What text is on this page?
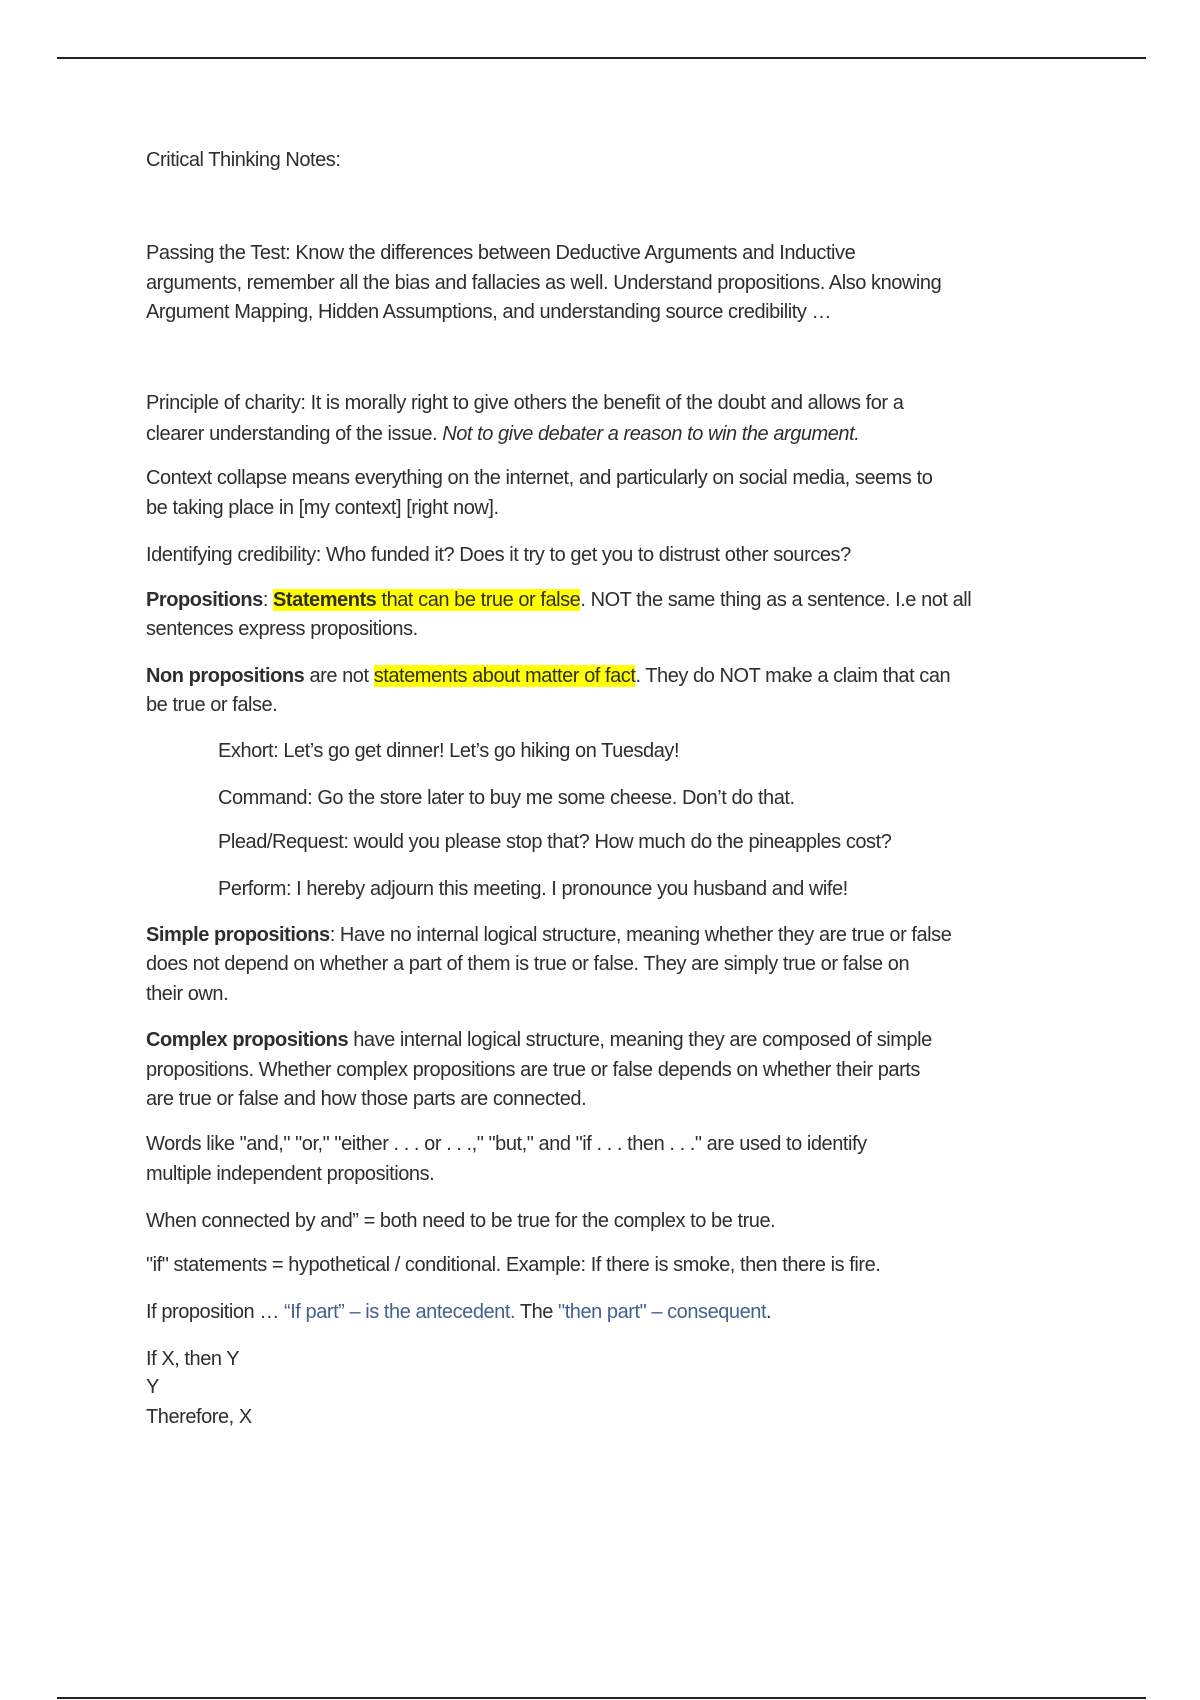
Critical Thinking Notes:
Passing the Test: Know the differences between Deductive Arguments and Inductive
arguments, remember all the bias and fallacies as well. Understand propositions. Also knowing
Argument Mapping, Hidden Assumptions, and understanding source credibility …
Principle of charity: It is morally right to give others the benefit of the doubt and allows for a
clearer understanding of the issue. Not to give debater a reason to win the argument.
Context collapse means everything on the internet, and particularly on social media, seems to
be taking place in [my context] [right now].
Identifying credibility: Who funded it? Does it try to get you to distrust other sources?
Propositions: Statements that can be true or false. NOT the same thing as a sentence. I.e not all
sentences express propositions.
Non propositions are not statements about matter of fact. They do NOT make a claim that can
be true or false.
Exhort: Let’s go get dinner! Let’s go hiking on Tuesday!
Command: Go the store later to buy me some cheese. Don’t do that.
Plead/Request: would you please stop that? How much do the pineapples cost?
Perform: I hereby adjourn this meeting. I pronounce you husband and wife!
Simple propositions: Have no internal logical structure, meaning whether they are true or false
does not depend on whether a part of them is true or false. They are simply true or false on
their own.
Complex propositions have internal logical structure, meaning they are composed of simple
propositions. Whether complex propositions are true or false depends on whether their parts
are true or false and how those parts are connected.
Words like "and," "or," "either . . . or . . .," "but," and "if . . . then . . ." are used to identify
multiple independent propositions.
When connected by and” = both need to be true for the complex to be true.
"if" statements = hypothetical / conditional. Example: If there is smoke, then there is fire.
If proposition … “If part” – is the antecedent. The "then part" – consequent.
If X, then Y
Y
Therefore, X
